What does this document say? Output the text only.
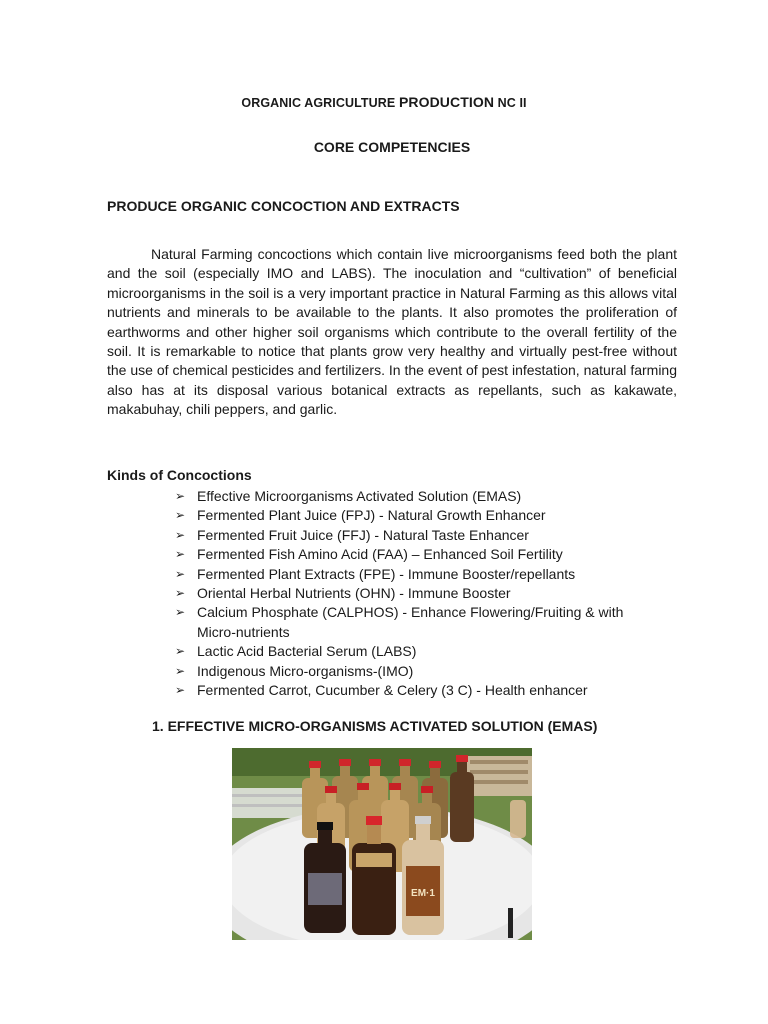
ORGANIC AGRICULTURE PRODUCTION NC II
CORE COMPETENCIES
PRODUCE ORGANIC CONCOCTION AND EXTRACTS

Natural Farming concoctions which contain live microorganisms feed both the plant and the soil (especially IMO and LABS). The inoculation and “cultivation” of beneficial microorganisms in the soil is a very important practice in Natural Farming as this allows vital nutrients and minerals to be available to the plants. It also promotes the proliferation of earthworms and other higher soil organisms which contribute to the overall fertility of the soil. It is remarkable to notice that plants grow very healthy and virtually pest-free without the use of chemical pesticides and fertilizers. In the event of pest infestation, natural farming also has at its disposal various botanical extracts as repellants, such as kakawate, makabuhay, chili peppers, and garlic.

Kinds of Concoctions
➢ Effective Microorganisms Activated Solution (EMAS)
➢ Fermented Plant Juice (FPJ) - Natural Growth Enhancer
➢ Fermented Fruit Juice (FFJ) - Natural Taste Enhancer
➢ Fermented Fish Amino Acid (FAA) – Enhanced Soil Fertility
➢ Fermented Plant Extracts (FPE) - Immune Booster/repellants
➢ Oriental Herbal Nutrients (OHN) - Immune Booster
➢ Calcium Phosphate (CALPHOS) - Enhance Flowering/Fruiting & with Micro-nutrients
➢ Lactic Acid Bacterial Serum (LABS)
➢ Indigenous Micro-organisms-(IMO)
➢ Fermented Carrot, Cucumber & Celery (3 C) - Health enhancer
1. EFFECTIVE MICRO-ORGANISMS ACTIVATED SOLUTION (EMAS)
EM·1
